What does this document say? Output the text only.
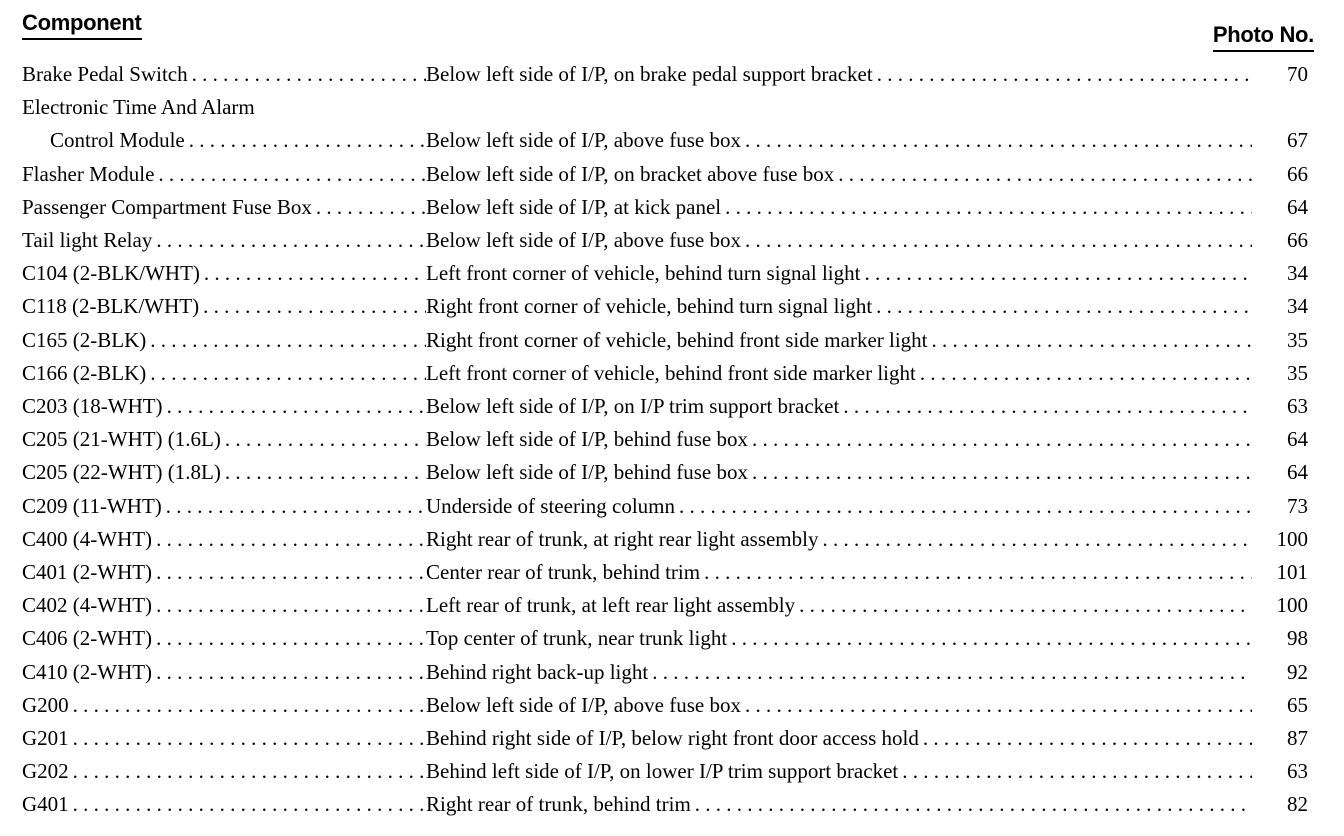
Component	Photo No.
Brake Pedal Switch . . .	Below left side of I/P, on brake pedal support bracket . . .	70
Electronic Time And Alarm
Control Module . . .	Below left side of I/P, above fuse box . . .	67
Flasher Module . . .	Below left side of I/P, on bracket above fuse box . . .	66
Passenger Compartment Fuse Box . . .	Below left side of I/P, at kick panel . . .	64
Tail light Relay . . .	Below left side of I/P, above fuse box . . .	66
C104 (2-BLK/WHT) . . .	Left front corner of vehicle, behind turn signal light . . .	34
C118 (2-BLK/WHT) . . .	Right front corner of vehicle, behind turn signal light . . .	34
C165 (2-BLK) . . .	Right front corner of vehicle, behind front side marker light . . .	35
C166 (2-BLK) . . .	Left front corner of vehicle, behind front side marker light . . .	35
C203 (18-WHT) . . .	Below left side of I/P, on I/P trim support bracket . . .	63
C205 (21-WHT) (1.6L) . . .	Below left side of I/P, behind fuse box . . .	64
C205 (22-WHT) (1.8L) . . .	Below left side of I/P, behind fuse box . . .	64
C209 (11-WHT) . . .	Underside of steering column . . .	73
C400 (4-WHT) . . .	Right rear of trunk, at right rear light assembly . . .	100
C401 (2-WHT) . . .	Center rear of trunk, behind trim . . .	101
C402 (4-WHT) . . .	Left rear of trunk, at left rear light assembly . . .	100
C406 (2-WHT) . . .	Top center of trunk, near trunk light . . .	98
C410 (2-WHT) . . .	Behind right back-up light . . .	92
G200 . . .	Below left side of I/P, above fuse box . . .	65
G201 . . .	Behind right side of I/P, below right front door access hold . . .	87
G202 . . .	Behind left side of I/P, on lower I/P trim support bracket . . .	63
G401 . . .	Right rear of trunk, behind trim . . .	82
